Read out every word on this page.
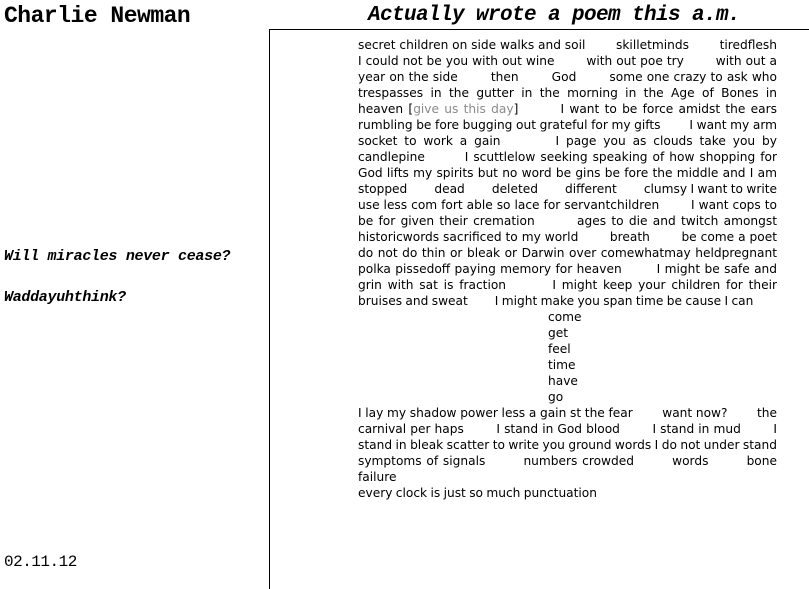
Charlie Newman	Actually wrote a poem this a.m.

Will miracles never cease?

Waddayuhthink?

02.11.12

secret children on side walks and soil        skilletminds        tiredflesh        I could not be you with out wine        with out poe try        with out a year on the side        then        God        some one crazy to ask who trespasses in the gutter in the morning in the Age of Bones in heaven [give us this day]        I want to be force amidst the ears rumbling be fore bugging out grateful for my gifts        I want my arm socket to work a gain        I page you as clouds take you by candlepine        I scuttlelow seeking speaking of how shopping for God lifts my spirits but no word be gins be fore the middle and I am stopped        dead        deleted        different        clumsy I want to write use less com fort able so lace for servantchildren        I want cops to be for given their cremation        ages to die and twitch amongst historicwords sacrificed to my world        breath        be come a poet        do not do thin or bleak or Darwin over comewhatmay heldpregnant        polka pissedoff paying memory for heaven        I might be safe and grin with sat is fraction        I might keep your children for their bruises and sweat        I might make you span time be cause I can

come
get
feel
time
have
go

I lay my shadow power less a gain st the fear        want now?        the carnival per haps        I stand in God blood        I stand in mud        I stand in bleak scatter to write you ground words I do not under stand symptoms of signals        numbers crowded        words        bone        failure

every clock is just so much punctuation
